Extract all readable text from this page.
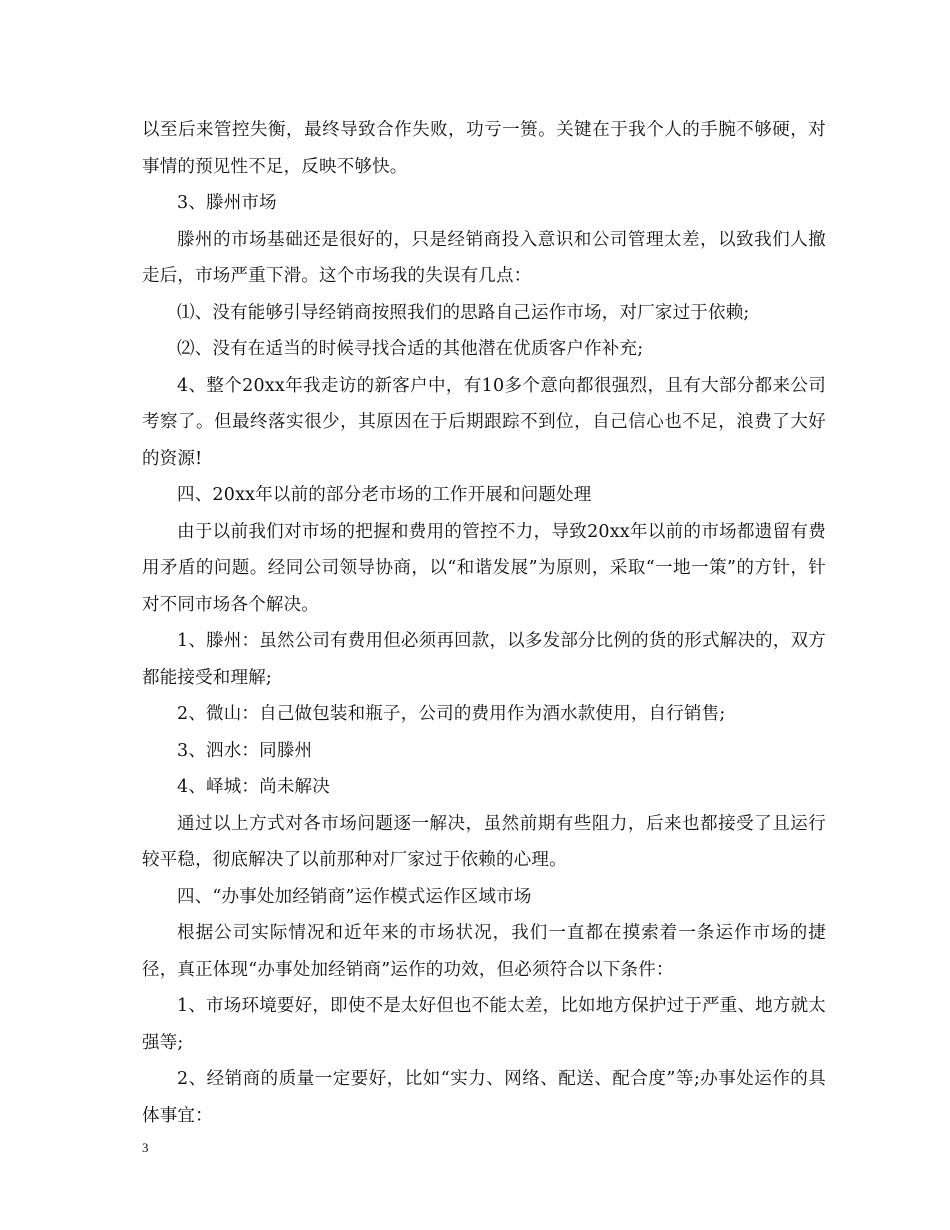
以至后来管控失衡，最终导致合作失败，功亏一篑。关键在于我个人的手腕不够硬，对事情的预见性不足，反映不够快。

3、滕州市场

滕州的市场基础还是很好的，只是经销商投入意识和公司管理太差，以致我们人撤走后，市场严重下滑。这个市场我的失误有几点：

⑴、没有能够引导经销商按照我们的思路自己运作市场，对厂家过于依赖;

⑵、没有在适当的时候寻找合适的其他潜在优质客户作补充;

4、整个20xx年我走访的新客户中，有10多个意向都很强烈，且有大部分都来公司考察了。但最终落实很少，其原因在于后期跟踪不到位，自己信心也不足，浪费了大好的资源!

四、20xx年以前的部分老市场的工作开展和问题处理

由于以前我们对市场的把握和费用的管控不力，导致20xx年以前的市场都遗留有费用矛盾的问题。经同公司领导协商，以“和谐发展”为原则，采取“一地一策”的方针，针对不同市场各个解决。

1、滕州：虽然公司有费用但必须再回款，以多发部分比例的货的形式解决的，双方都能接受和理解;

2、微山：自己做包装和瓶子，公司的费用作为酒水款使用，自行销售;

3、泗水：同滕州

4、峄城：尚未解决

通过以上方式对各市场问题逐一解决，虽然前期有些阻力，后来也都接受了且运行较平稳，彻底解决了以前那种对厂家过于依赖的心理。

四、“办事处加经销商”运作模式运作区域市场

根据公司实际情况和近年来的市场状况，我们一直都在摸索着一条运作市场的捷径，真正体现“办事处加经销商”运作的功效，但必须符合以下条件：

1、市场环境要好，即使不是太好但也不能太差，比如地方保护过于严重、地方就太强等;

2、经销商的质量一定要好，比如“实力、网络、配送、配合度”等;办事处运作的具体事宜：

3
